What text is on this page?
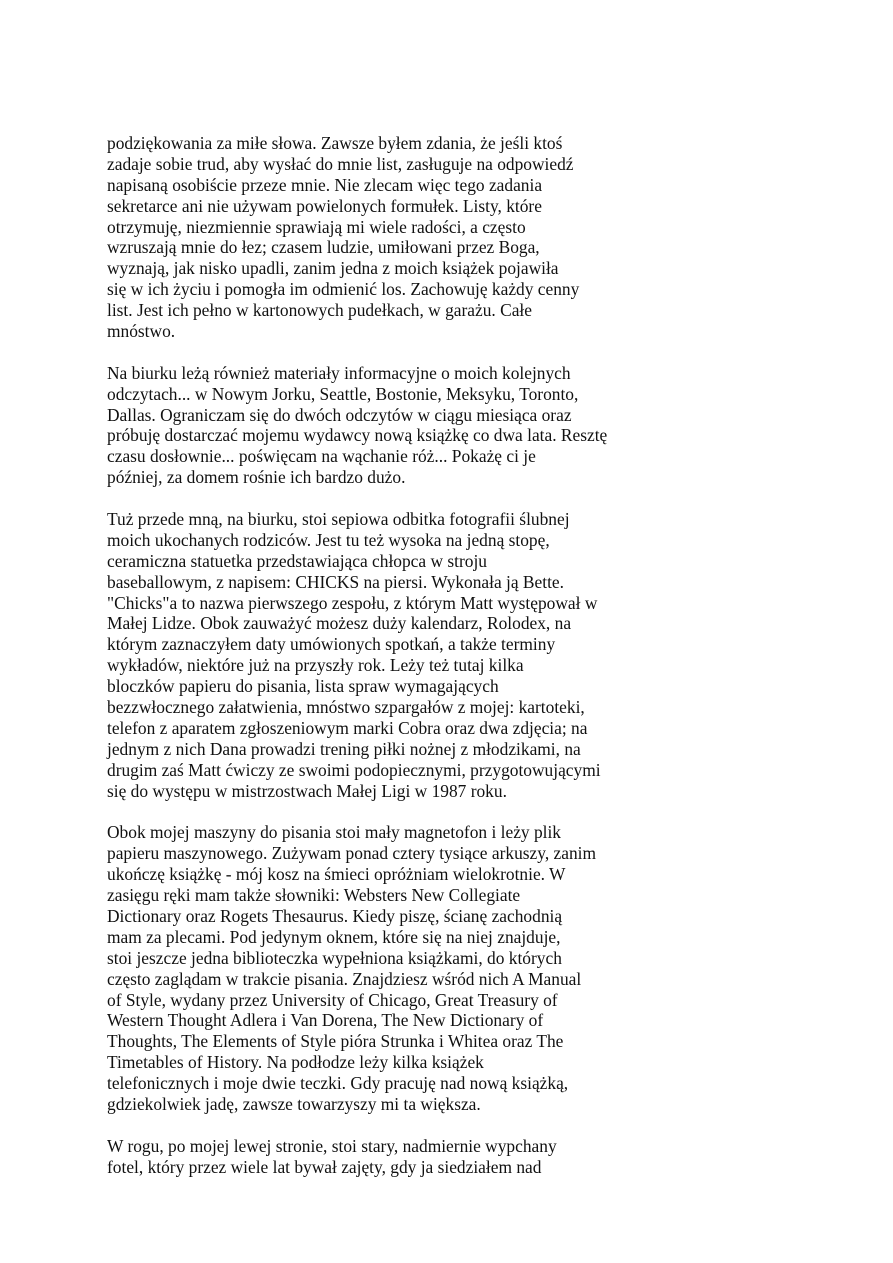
podziękowania za miłe słowa. Zawsze byłem zdania, że jeśli ktoś
zadaje sobie trud, aby wysłać do mnie list, zasługuje na odpowiedź
napisaną osobiście przeze mnie. Nie zlecam więc tego zadania
sekretarce ani nie używam powielonych formułek. Listy, które
otrzymuję, niezmiennie sprawiają mi wiele radości, a często
wzruszają mnie do łez; czasem ludzie, umiłowani przez Boga,
wyznają, jak nisko upadli, zanim jedna z moich książek pojawiła
się w ich życiu i pomogła im odmienić los. Zachowuję każdy cenny
list. Jest ich pełno w kartonowych pudełkach, w garażu. Całe
mnóstwo.
Na biurku leżą również materiały informacyjne o moich kolejnych
odczytach... w Nowym Jorku, Seattle, Bostonie, Meksyku, Toronto,
Dallas. Ograniczam się do dwóch odczytów w ciągu miesiąca oraz
próbuję dostarczać mojemu wydawcy nową książkę co dwa lata. Resztę
czasu dosłownie... poświęcam na wąchanie róż... Pokażę ci je
później, za domem rośnie ich bardzo dużo.
Tuż przede mną, na biurku, stoi sepiowa odbitka fotografii ślubnej
moich ukochanych rodziców. Jest tu też wysoka na jedną stopę,
ceramiczna statuetka przedstawiająca chłopca w stroju
baseballowym, z napisem: CHICKS na piersi. Wykonała ją Bette.
"Chicks"a to nazwa pierwszego zespołu, z którym Matt występował w
Małej Lidze. Obok zauważyć możesz duży kalendarz, Rolodex, na
którym zaznaczyłem daty umówionych spotkań, a także terminy
wykładów, niektóre już na przyszły rok. Leży też tutaj kilka
bloczków papieru do pisania, lista spraw wymagających
bezzwłocznego załatwienia, mnóstwo szpargałów z mojej: kartoteki,
telefon z aparatem zgłoszeniowym marki Cobra oraz dwa zdjęcia; na
jednym z nich Dana prowadzi trening piłki nożnej z młodzikami, na
drugim zaś Matt ćwiczy ze swoimi podopiecznymi, przygotowującymi
się do występu w mistrzostwach Małej Ligi w 1987 roku.
Obok mojej maszyny do pisania stoi mały magnetofon i leży plik
papieru maszynowego. Zużywam ponad cztery tysiące arkuszy, zanim
ukończę książkę - mój kosz na śmieci opróżniam wielokrotnie. W
zasięgu ręki mam także słowniki: Websters New Collegiate
Dictionary oraz Rogets Thesaurus. Kiedy piszę, ścianę zachodnią
mam za plecami. Pod jedynym oknem, które się na niej znajduje,
stoi jeszcze jedna biblioteczka wypełniona książkami, do których
często zaglądam w trakcie pisania. Znajdziesz wśród nich A Manual
of Style, wydany przez University of Chicago, Great Treasury of
Western Thought Adlera i Van Dorena, The New Dictionary of
Thoughts, The Elements of Style pióra Strunka i Whitea oraz The
Timetables of History. Na podłodze leży kilka książek
telefonicznych i moje dwie teczki. Gdy pracuję nad nową książką,
gdziekolwiek jadę, zawsze towarzyszy mi ta większa.
W rogu, po mojej lewej stronie, stoi stary, nadmiernie wypchany
fotel, który przez wiele lat bywał zajęty, gdy ja siedziałem nad
